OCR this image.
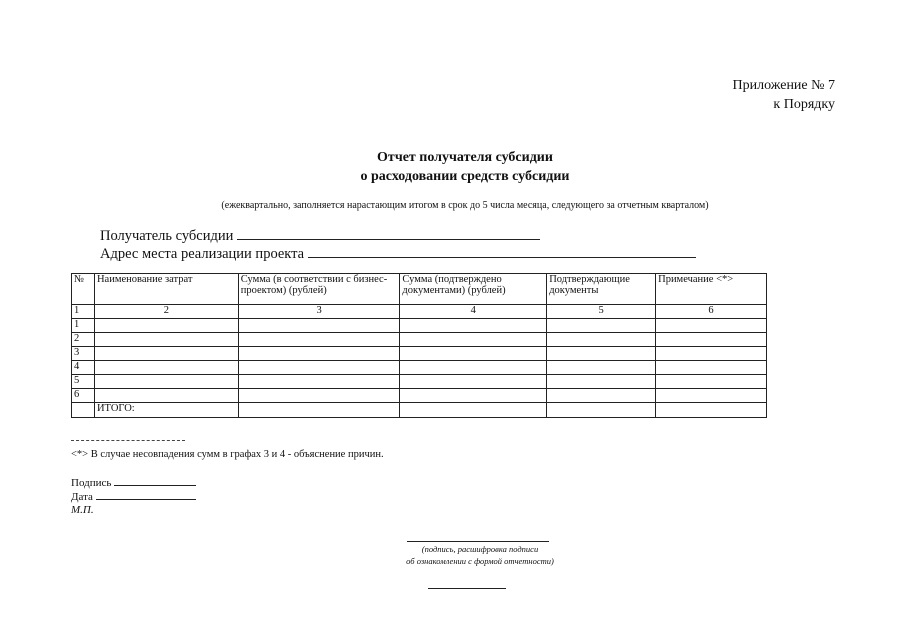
Приложение № 7
к Порядку
Отчет получателя субсидии
о расходовании средств субсидии
(ежеквартально, заполняется нарастающим итогом в срок до 5 числа месяца, следующего за отчетным кварталом)
Получатель субсидии
Адрес места реализации проекта
№	Наименование затрат	Сумма (в соответствии с бизнес-проектом) (рублей)	Сумма (подтверждено документами) (рублей)	Подтверждающие документы	Примечание <*>
1	2	3	4	5	6
1					
2					
3					
4					
5					
6					
	ИТОГО:				
<*> В случае несовпадения сумм в графах 3 и 4 - объяснение причин.
Подпись
Дата
М.П.
(подпись, расшифровка подписи
об ознакомлении с формой отчетности)
